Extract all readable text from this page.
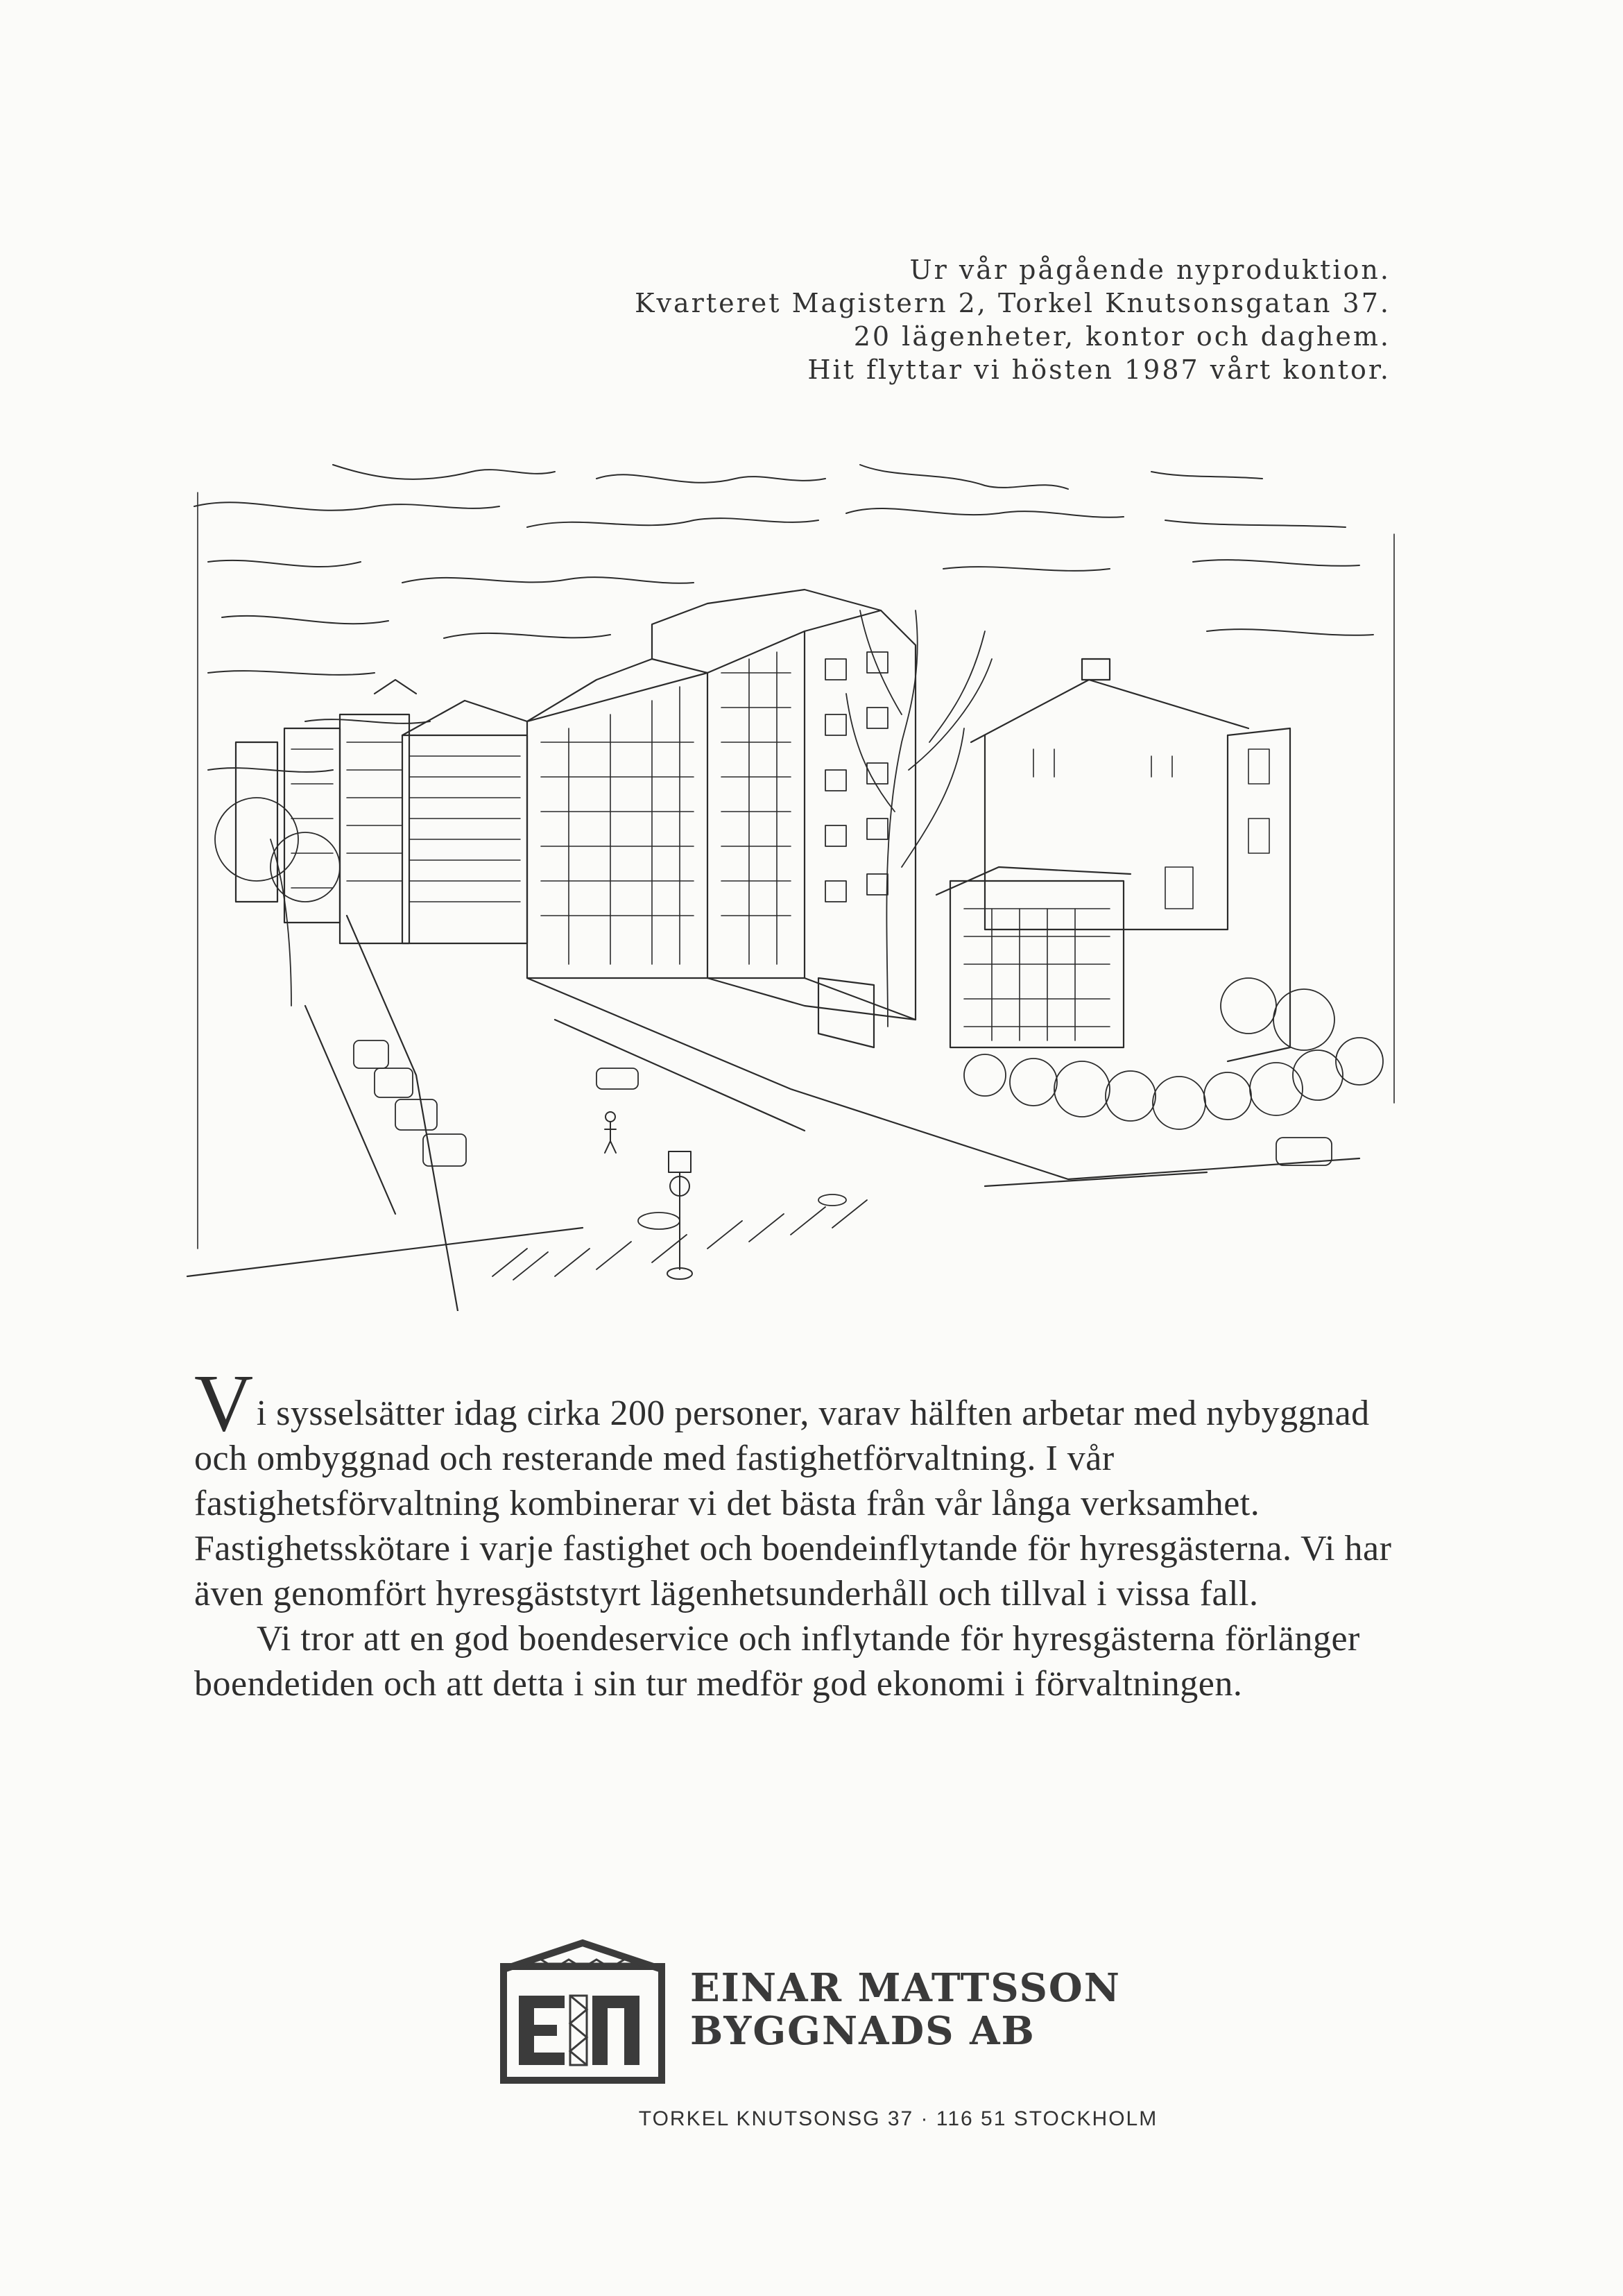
Ur vår pågående nyproduktion.
Kvarteret Magistern 2, Torkel Knutsonsgatan 37.
20 lägenheter, kontor och daghem.
Hit flyttar vi hösten 1987 vårt kontor.

Vi sysselsätter idag cirka 200 personer, varav hälften arbetar med nybyggnad och ombyggnad och resterande med fastighetförvaltning. I vår fastighetsförvaltning kombinerar vi det bästa från vår långa verksamhet. Fastighetsskötare i varje fastighet och boendeinflytande för hyresgästerna. Vi har även genomfört hyresgäststyrt lägenhetsunderhåll och tillval i vissa fall.

Vi tror att en god boendeservice och inflytande för hyresgästerna förlänger boendetiden och att detta i sin tur medför god ekonomi i förvaltningen.

EINAR MATTSSON
BYGGNADS AB
TORKEL KNUTSONSG 37 · 116 51 STOCKHOLM
